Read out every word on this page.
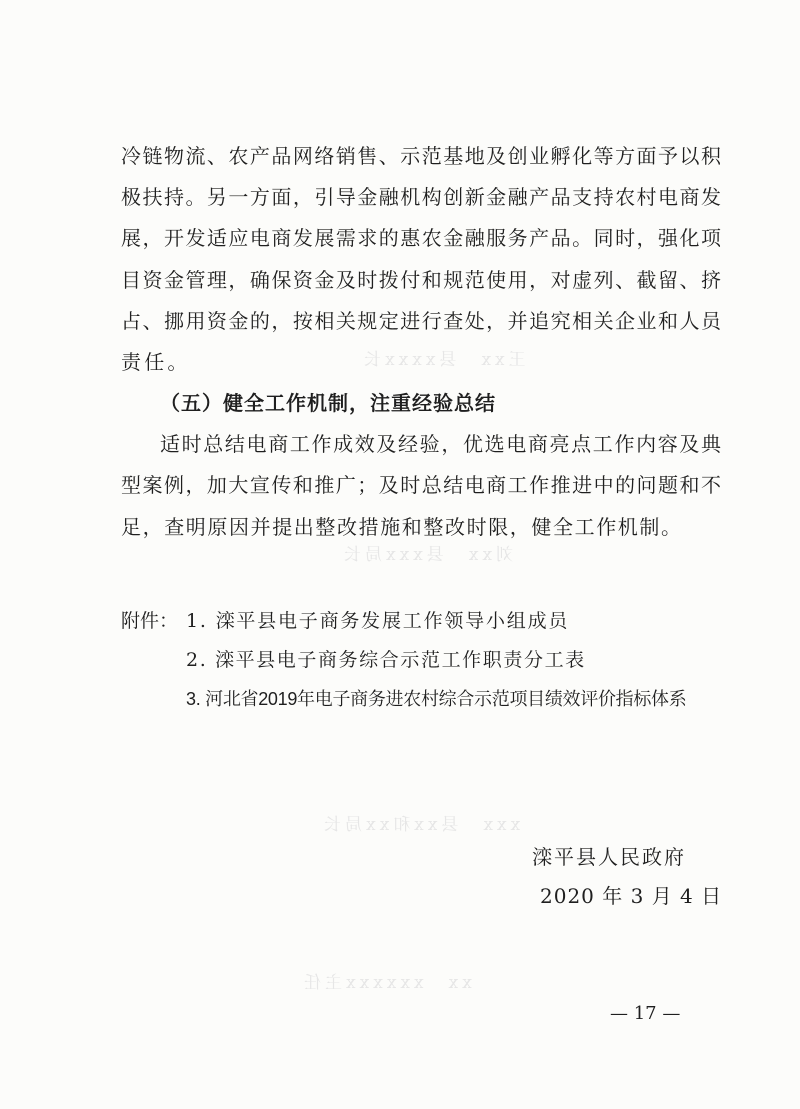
王xx　县xxxx长
刘xx　县xxx局长
xxx　县xx和xx局长
xx　xxxxxx主任
冷链物流、农产品网络销售、示范基地及创业孵化等方面予以积
极扶持。另一方面，引导金融机构创新金融产品支持农村电商发
展，开发适应电商发展需求的惠农金融服务产品。同时，强化项
目资金管理，确保资金及时拨付和规范使用，对虚列、截留、挤
占、挪用资金的，按相关规定进行查处，并追究相关企业和人员
责任。
（五）健全工作机制，注重经验总结
适时总结电商工作成效及经验，优选电商亮点工作内容及典
型案例，加大宣传和推广；及时总结电商工作推进中的问题和不
足，查明原因并提出整改措施和整改时限，健全工作机制。
附件： 1. 滦平县电子商务发展工作领导小组成员
2. 滦平县电子商务综合示范工作职责分工表
3. 河北省2019年电子商务进农村综合示范项目绩效评价指标体系
滦平县人民政府
2020 年 3 月 4 日
— 17 —
